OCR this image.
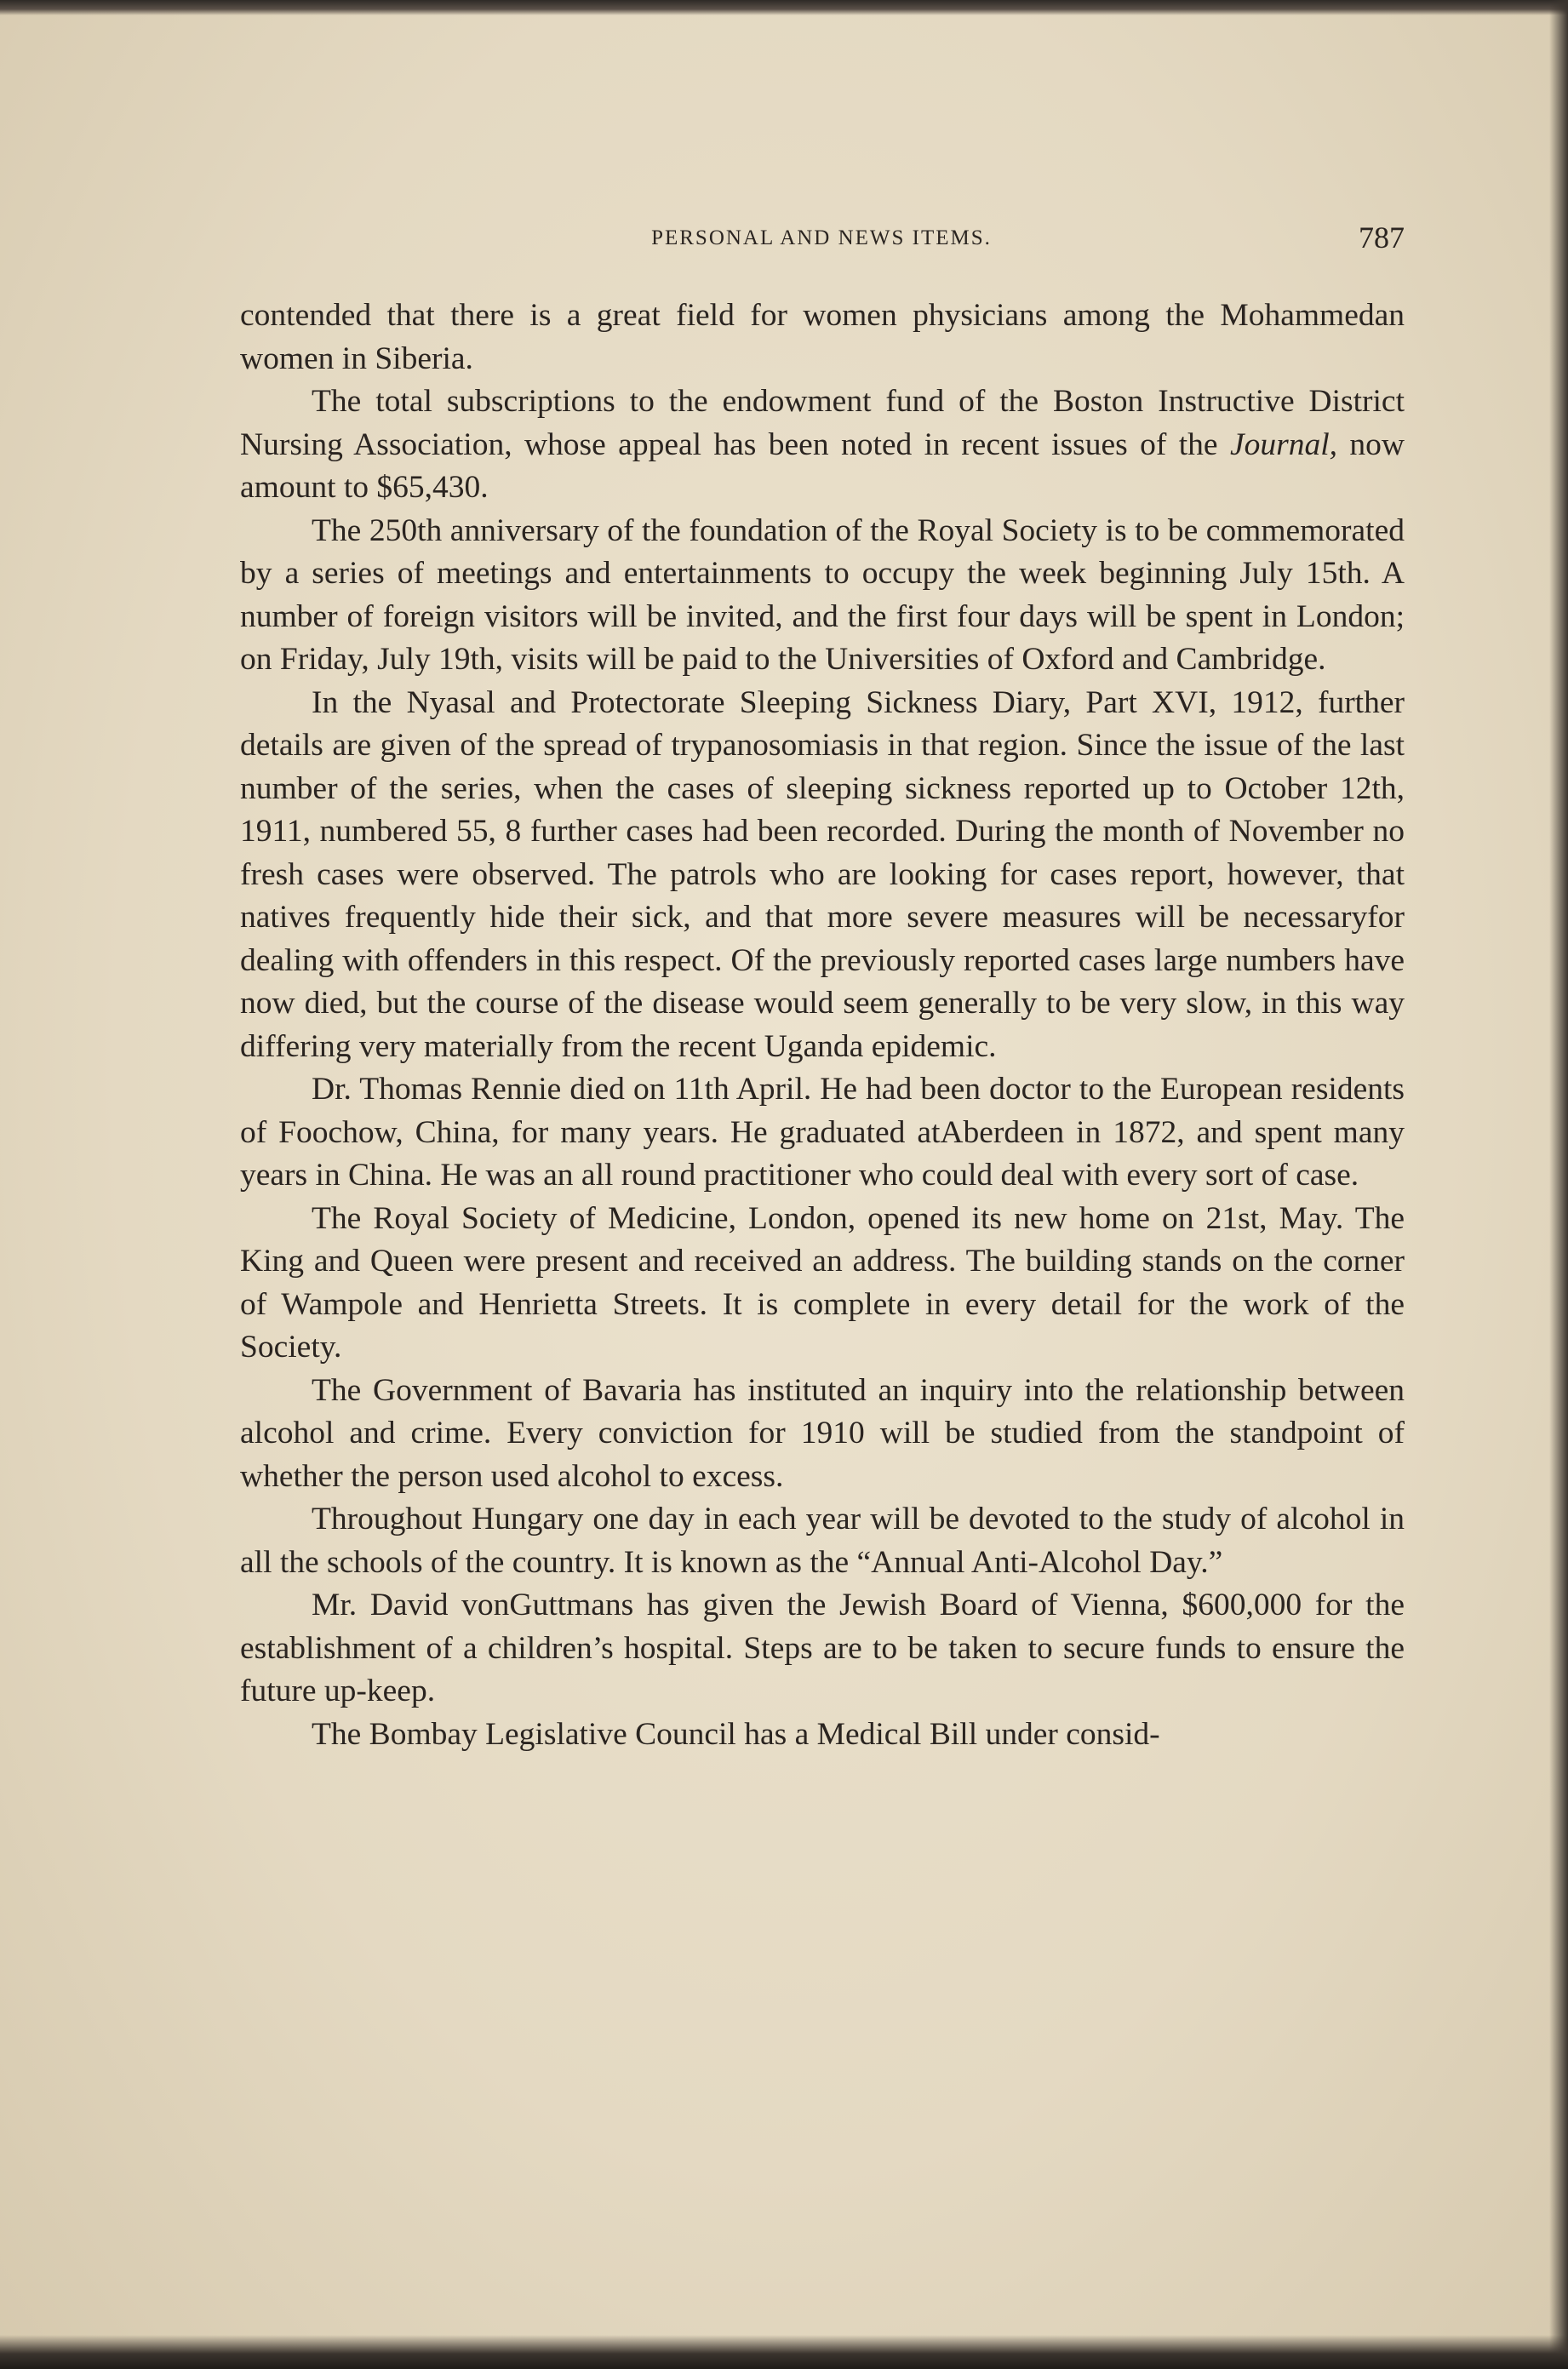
PERSONAL AND NEWS ITEMS.	787

contended that there is a great field for women physicians among the Mohammedan women in Siberia.

The total subscriptions to the endowment fund of the Boston Instructive District Nursing Association, whose appeal has been noted in recent issues of the Journal, now amount to $65,430.

The 250th anniversary of the foundation of the Royal Society is to be commemorated by a series of meetings and entertainments to occupy the week beginning July 15th. A number of foreign visitors will be invited, and the first four days will be spent in London; on Friday, July 19th, visits will be paid to the Universities of Oxford and Cambridge.

In the Nyasal and Protectorate Sleeping Sickness Diary, Part XVI, 1912, further details are given of the spread of trypanosomiasis in that region. Since the issue of the last number of the series, when the cases of sleeping sickness reported up to October 12th, 1911, numbered 55, 8 further cases had been recorded. During the month of November no fresh cases were observed. The patrols who are looking for cases report, however, that natives frequently hide their sick, and that more severe measures will be necessaryfor dealing with offenders in this respect. Of the previously reported cases large numbers have now died, but the course of the disease would seem generally to be very slow, in this way differing very materially from the recent Uganda epidemic.

Dr. Thomas Rennie died on 11th April. He had been doctor to the European residents of Foochow, China, for many years. He graduated atAberdeen in 1872, and spent many years in China. He was an all round practitioner who could deal with every sort of case.

The Royal Society of Medicine, London, opened its new home on 21st, May. The King and Queen were present and received an address. The building stands on the corner of Wampole and Henrietta Streets. It is complete in every detail for the work of the Society.

The Government of Bavaria has instituted an inquiry into the relationship between alcohol and crime. Every conviction for 1910 will be studied from the standpoint of whether the person used alcohol to excess.

Throughout Hungary one day in each year will be devoted to the study of alcohol in all the schools of the country. It is known as the “Annual Anti-Alcohol Day.”

Mr. David vonGuttmans has given the Jewish Board of Vienna, $600,000 for the establishment of a children’s hospital. Steps are to be taken to secure funds to ensure the future up-keep.

The Bombay Legislative Council has a Medical Bill under consid-
